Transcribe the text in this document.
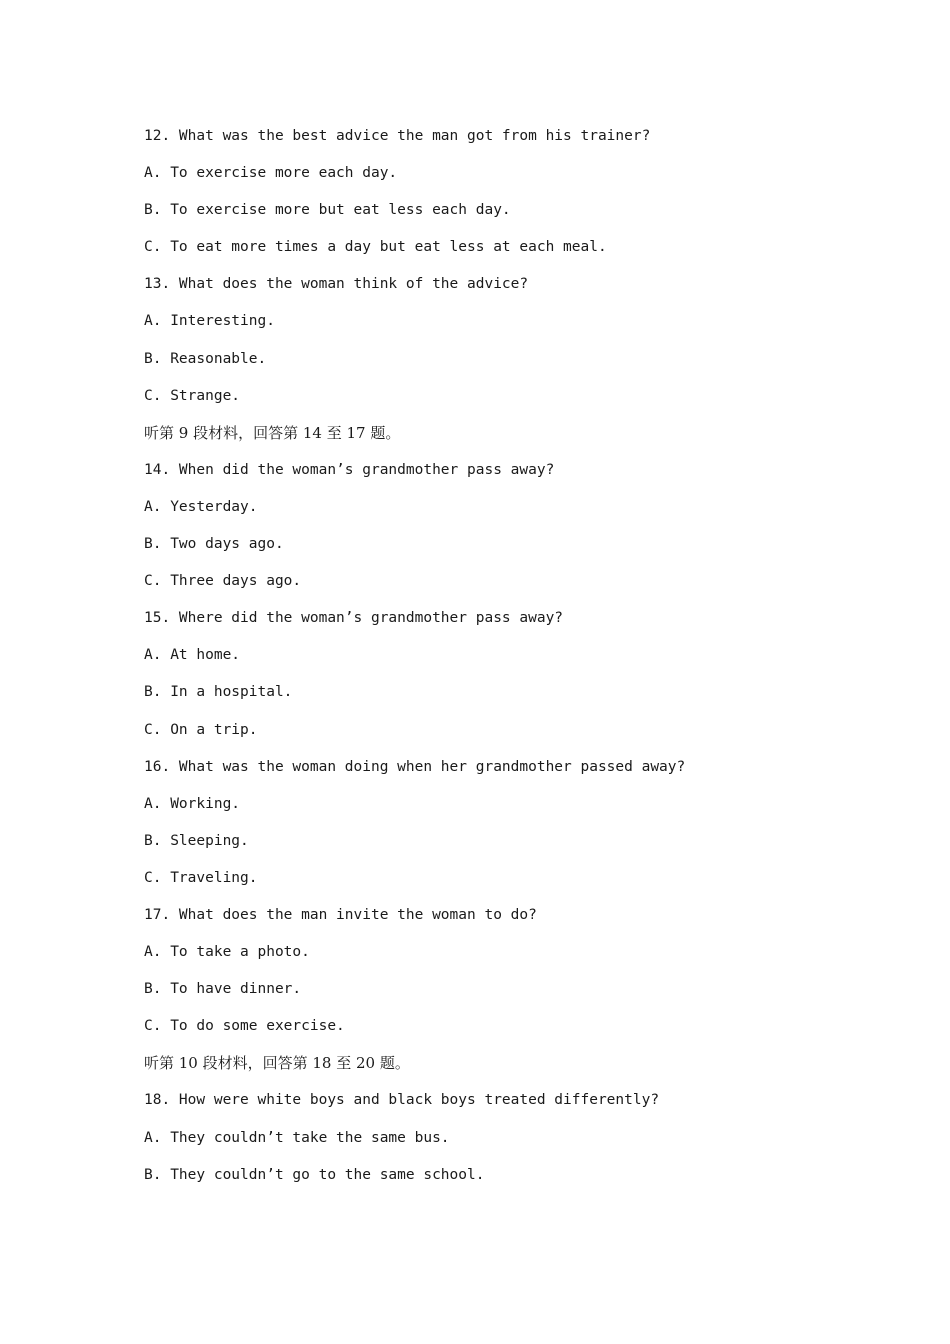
12. What was the best advice the man got from his trainer?
A. To exercise more each day.
B. To exercise more but eat less each day.
C. To eat more times a day but eat less at each meal.
13. What does the woman think of the advice?
A. Interesting.
B. Reasonable.
C. Strange.
听第 9 段材料，回答第 14 至 17 题。
14. When did the woman’s grandmother pass away?
A. Yesterday.
B. Two days ago.
C. Three days ago.
15. Where did the woman’s grandmother pass away?
A. At home.
B. In a hospital.
C. On a trip.
16. What was the woman doing when her grandmother passed away?
A. Working.
B. Sleeping.
C. Traveling.
17. What does the man invite the woman to do?
A. To take a photo.
B. To have dinner.
C. To do some exercise.
听第 10 段材料，回答第 18 至 20 题。
18. How were white boys and black boys treated differently?
A. They couldn’t take the same bus.
B. They couldn’t go to the same school.
